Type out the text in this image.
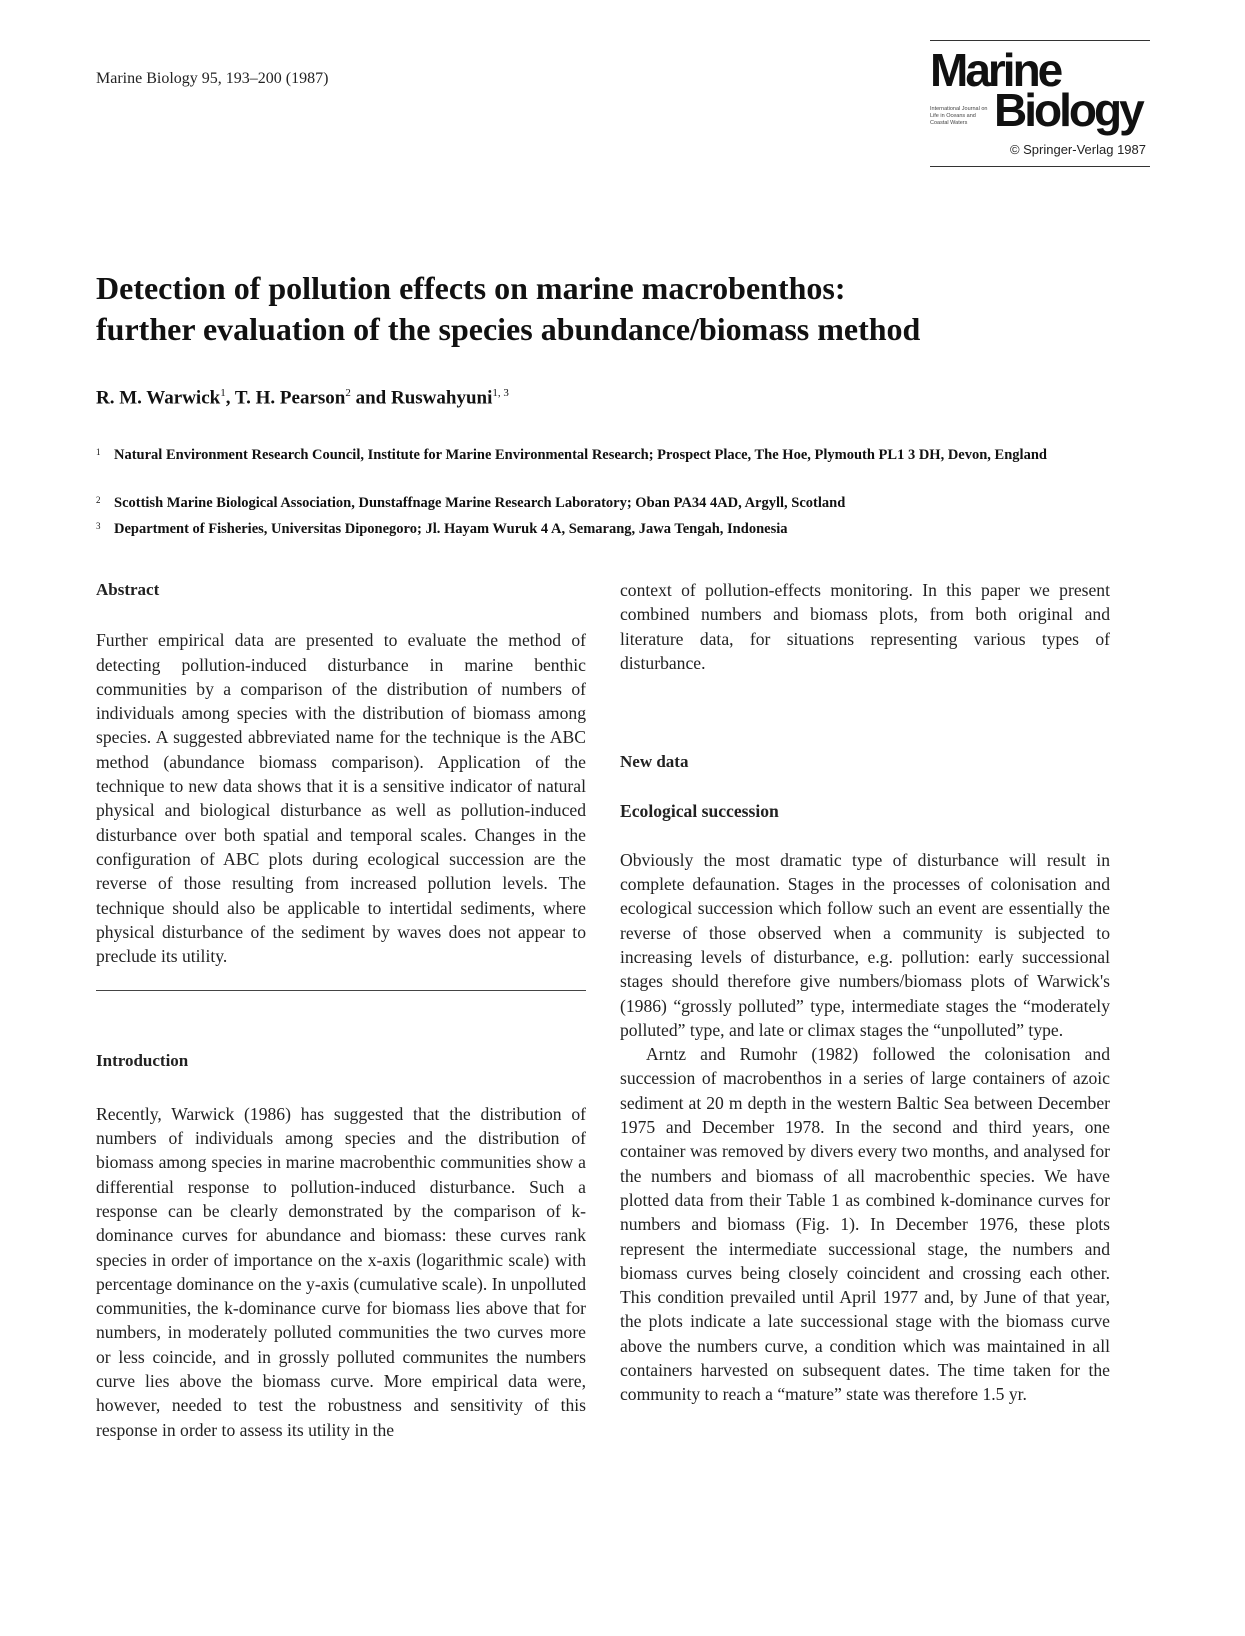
Marine Biology 95, 193–200 (1987)	Marine
International Journal on Life in Oceans and Coastal Waters Biology
© Springer-Verlag 1987
Detection of pollution effects on marine macrobenthos:
further evaluation of the species abundance/biomass method
R. M. Warwick$^1$, T. H. Pearson$^2$ and Ruswahyuni$^{1, 3}$
1 Natural Environment Research Council, Institute for Marine Environmental Research; Prospect Place, The Hoe, Plymouth PL1 3 DH, Devon, England
2 Scottish Marine Biological Association, Dunstaffnage Marine Research Laboratory; Oban PA34 4AD, Argyll, Scotland
3 Department of Fisheries, Universitas Diponegoro; Jl. Hayam Wuruk 4 A, Semarang, Jawa Tengah, Indonesia
Abstract

Further empirical data are presented to evaluate the method of detecting pollution-induced disturbance in marine benthic communities by a comparison of the distribution of numbers of individuals among species with the distribution of biomass among species. A suggested abbreviated name for the technique is the ABC method (abundance biomass comparison). Application of the technique to new data shows that it is a sensitive indicator of natural physical and biological disturbance as well as pollution-induced disturbance over both spatial and temporal scales. Changes in the configuration of ABC plots during ecological succession are the reverse of those resulting from increased pollution levels. The technique should also be applicable to intertidal sediments, where physical disturbance of the sediment by waves does not appear to preclude its utility.

Introduction

Recently, Warwick (1986) has suggested that the distribution of numbers of individuals among species and the distribution of biomass among species in marine macrobenthic communities show a differential response to pollution-induced disturbance. Such a response can be clearly demonstrated by the comparison of k-dominance curves for abundance and biomass: these curves rank species in order of importance on the x-axis (logarithmic scale) with percentage dominance on the y-axis (cumulative scale). In unpolluted communities, the k-dominance curve for biomass lies above that for numbers, in moderately polluted communities the two curves more or less coincide, and in grossly polluted communites the numbers curve lies above the biomass curve. More empirical data were, however, needed to test the robustness and sensitivity of this response in order to assess its utility in the

context of pollution-effects monitoring. In this paper we present combined numbers and biomass plots, from both original and literature data, for situations representing various types of disturbance.

New data
Ecological succession

Obviously the most dramatic type of disturbance will result in complete defaunation. Stages in the processes of colonisation and ecological succession which follow such an event are essentially the reverse of those observed when a community is subjected to increasing levels of disturbance, e.g. pollution: early successional stages should therefore give numbers/biomass plots of Warwick's (1986) “grossly polluted” type, intermediate stages the “moderately polluted” type, and late or climax stages the “unpolluted” type.

Arntz and Rumohr (1982) followed the colonisation and succession of macrobenthos in a series of large containers of azoic sediment at 20 m depth in the western Baltic Sea between December 1975 and December 1978. In the second and third years, one container was removed by divers every two months, and analysed for the numbers and biomass of all macrobenthic species. We have plotted data from their Table 1 as combined k-dominance curves for numbers and biomass (Fig. 1). In December 1976, these plots represent the intermediate successional stage, the numbers and biomass curves being closely coincident and crossing each other. This condition prevailed until April 1977 and, by June of that year, the plots indicate a late successional stage with the biomass curve above the numbers curve, a condition which was maintained in all containers harvested on subsequent dates. The time taken for the community to reach a “mature” state was therefore 1.5 yr.
